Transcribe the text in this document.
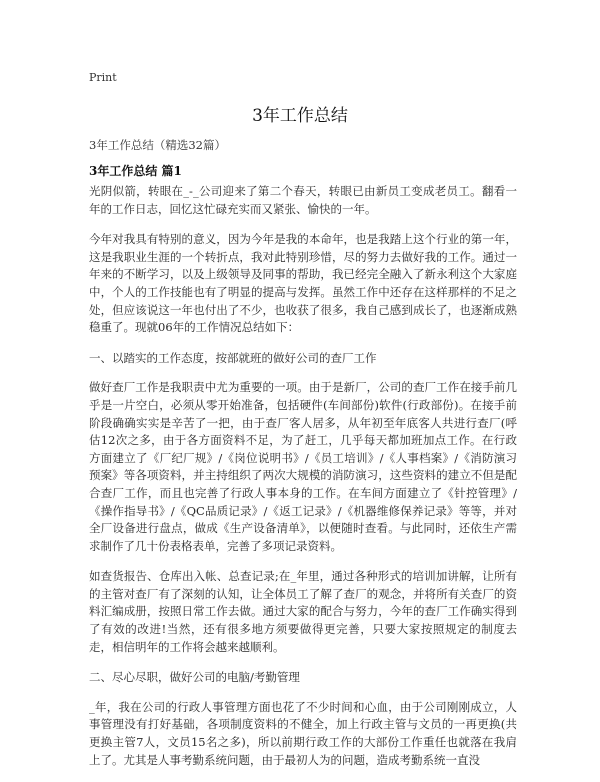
Print
3年工作总结
3年工作总结（精选32篇）
3年工作总结 篇1

光阴似箭，转眼在_-_公司迎来了第二个春天，转眼已由新员工变成老员工。翻看一年的工作日志，回忆这忙碌充实而又紧张、愉快的一年。

今年对我具有特别的意义，因为今年是我的本命年，也是我踏上这个行业的第一年，这是我职业生涯的一个转折点，我对此特别珍惜，尽的努力去做好我的工作。通过一年来的不断学习，以及上级领导及同事的帮助，我已经完全融入了新永利这个大家庭中，个人的工作技能也有了明显的提高与发挥。虽然工作中还存在这样那样的不足之处，但应该说这一年也付出了不少，也收获了很多，我自己感到成长了，也逐渐成熟稳重了。现就06年的工作情况总结如下：

一、以踏实的工作态度，按部就班的做好公司的查厂工作

做好查厂工作是我职责中尤为重要的一项。由于是新厂，公司的查厂工作在接手前几乎是一片空白，必须从零开始准备，包括硬件(车间部份)软件(行政部份)。在接手前阶段确确实实是辛苦了一把，由于查厂客人居多，从年初至年底客人共进行查厂(呼估12次之多，由于各方面资料不足，为了赶工，几乎每天都加班加点工作。在行政方面建立了《厂纪厂规》/《岗位说明书》/《员工培训》/《人事档案》/《消防演习预案》等各项资料，并主持组织了两次大规模的消防演习，这些资料的建立不但是配合查厂工作，而且也完善了行政人事本身的工作。在车间方面建立了《针控管理》/《操作指导书》/《QC品质记录》/《返工记录》/《机器维修保养记录》等等，并对全厂设备进行盘点，做成《生产设备清单》，以便随时查看。与此同时，还依生产需求制作了几十份表格表单，完善了多项记录资料。

如查货报告、仓库出入帐、总查记录;在_年里，通过各种形式的培训加讲解，让所有的主管对查厂有了深刻的认知，让全体员工了解了查厂的观念，并将所有关查厂的资料汇编成册，按照日常工作去做。通过大家的配合与努力，今年的查厂工作确实得到了有效的改进!当然，还有很多地方须要做得更完善，只要大家按照规定的制度去走，相信明年的工作将会越来越顺利。

二、尽心尽职，做好公司的电脑/考勤管理

_年，我在公司的行政人事管理方面也花了不少时间和心血，由于公司刚刚成立，人事管理没有打好基础，各项制度资料的不健全，加上行政主管与文员的一再更换(共更换主管7人，文员15名之多)，所以前期行政工作的大部份工作重任也就落在我肩上了。尤其是人事考勤系统问题，由于最初人为的问题，造成考勤系统一直没
